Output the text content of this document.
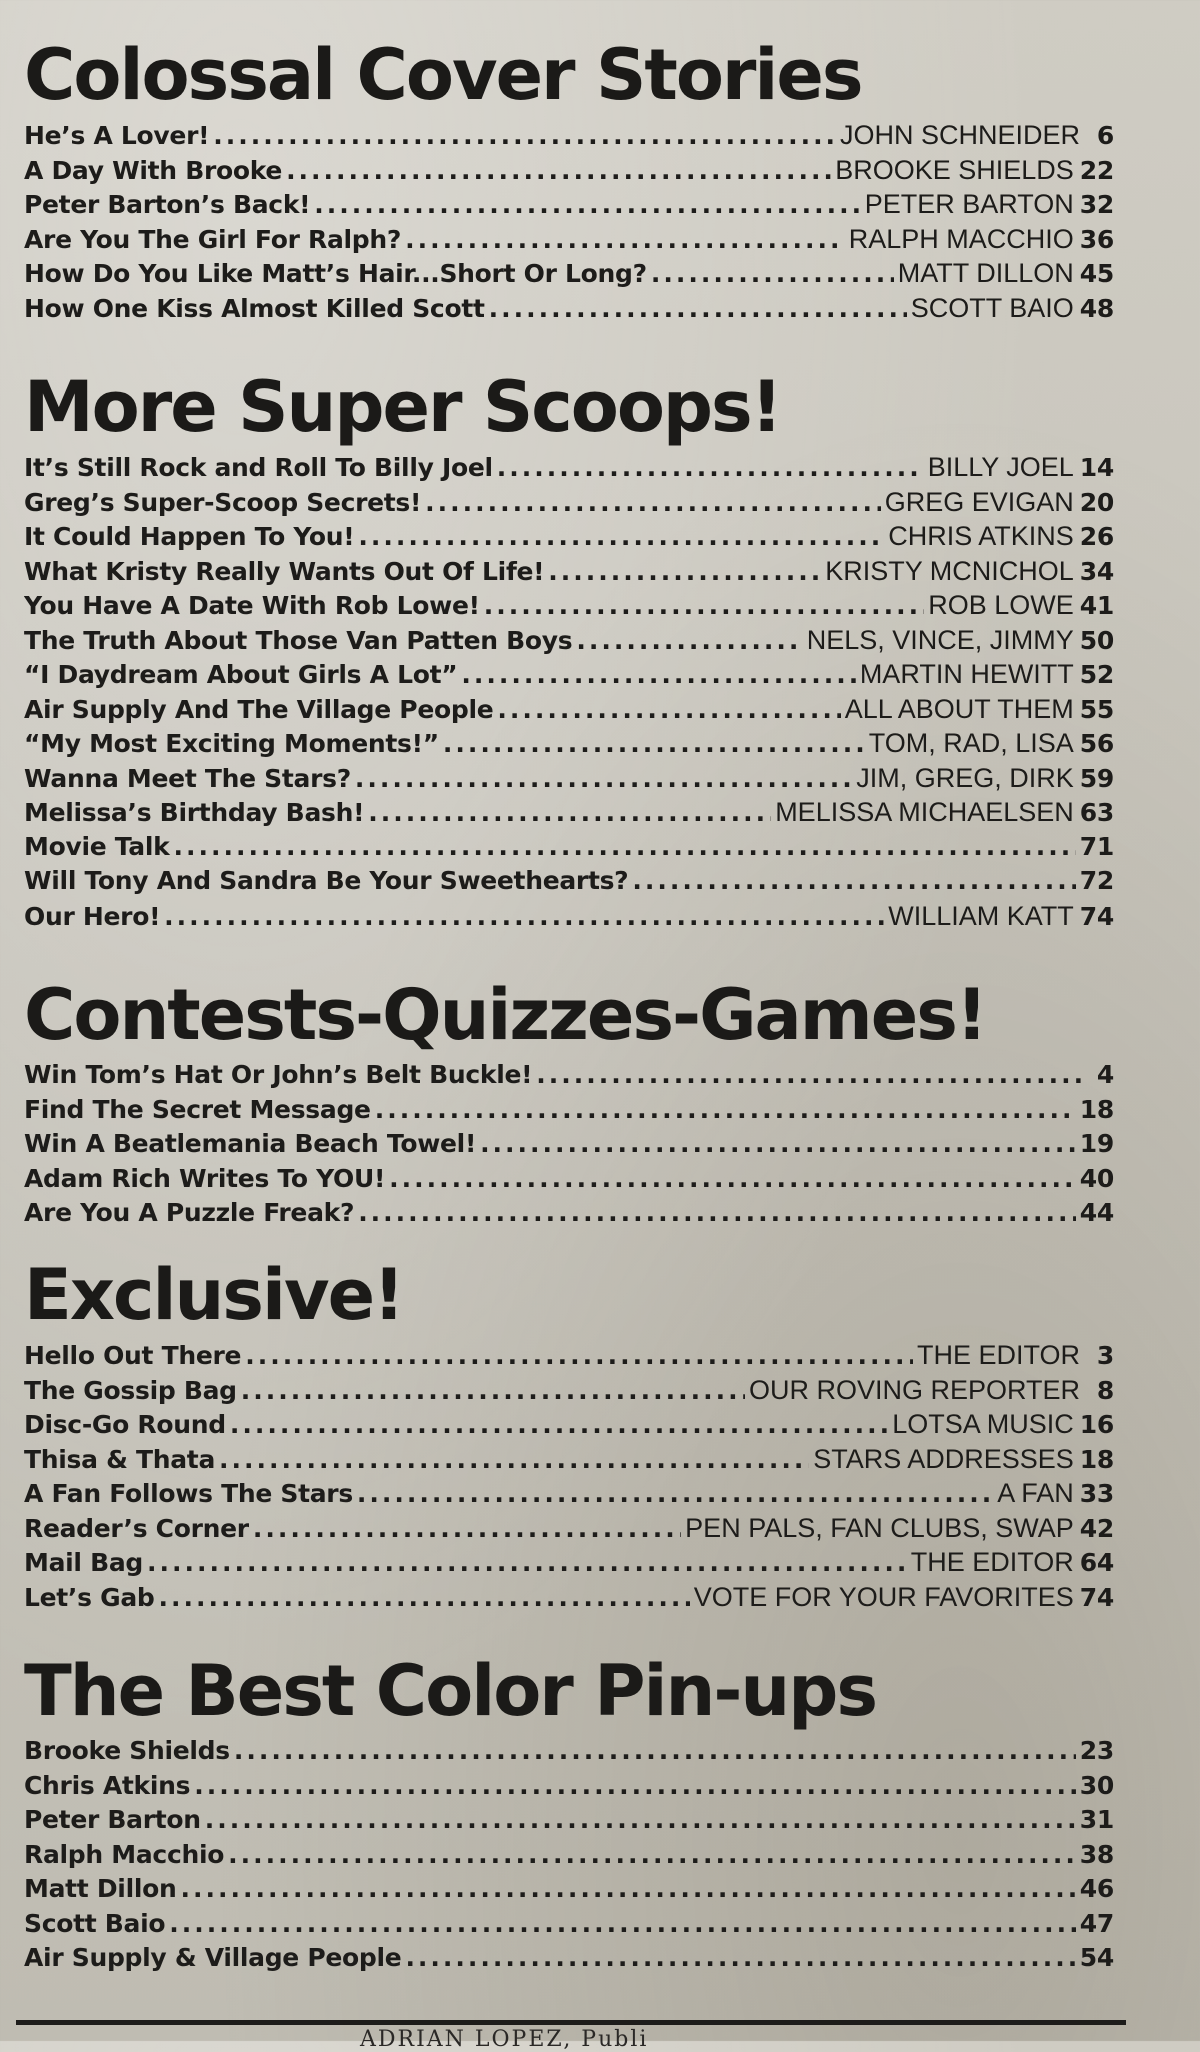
Colossal Cover Stories
He’s A Lover! .....	JOHN SCHNEIDER 6
A Day With Brooke .....	BROOKE SHIELDS 22
Peter Barton’s Back! .....	PETER BARTON 32
Are You The Girl For Ralph? .....	RALPH MACCHIO 36
How Do You Like Matt’s Hair...Short Or Long? .....	MATT DILLON 45
How One Kiss Almost Killed Scott .....	SCOTT BAIO 48
More Super Scoops!
It’s Still Rock and Roll To Billy Joel .....	BILLY JOEL 14
Greg’s Super-Scoop Secrets! .....	GREG EVIGAN 20
It Could Happen To You! .....	CHRIS ATKINS 26
What Kristy Really Wants Out Of Life! .....	KRISTY MCNICHOL 34
You Have A Date With Rob Lowe! .....	ROB LOWE 41
The Truth About Those Van Patten Boys .....	NELS, VINCE, JIMMY 50
“I Daydream About Girls A Lot” .....	MARTIN HEWITT 52
Air Supply And The Village People .....	ALL ABOUT THEM 55
“My Most Exciting Moments!” .....	TOM, RAD, LISA 56
Wanna Meet The Stars? .....	JIM, GREG, DIRK 59
Melissa’s Birthday Bash! .....	MELISSA MICHAELSEN 63
Movie Talk .....	71
Will Tony And Sandra Be Your Sweethearts? .....	72
Our Hero! .....	WILLIAM KATT 74
Contests-Quizzes-Games!
Win Tom’s Hat Or John’s Belt Buckle! .....	4
Find The Secret Message .....	18
Win A Beatlemania Beach Towel! .....	19
Adam Rich Writes To YOU! .....	40
Are You A Puzzle Freak? .....	44
Exclusive!
Hello Out There .....	THE EDITOR 3
The Gossip Bag .....	OUR ROVING REPORTER 8
Disc-Go Round .....	LOTSA MUSIC 16
Thisa & Thata .....	STARS ADDRESSES 18
A Fan Follows The Stars .....	A FAN 33
Reader’s Corner .....	PEN PALS, FAN CLUBS, SWAP 42
Mail Bag .....	THE EDITOR 64
Let’s Gab .....	VOTE FOR YOUR FAVORITES 74
The Best Color Pin-ups
Brooke Shields .....	23
Chris Atkins .....	30
Peter Barton .....	31
Ralph Macchio .....	38
Matt Dillon .....	46
Scott Baio .....	47
Air Supply & Village People .....	54
ADRIAN LOPEZ, Publi
